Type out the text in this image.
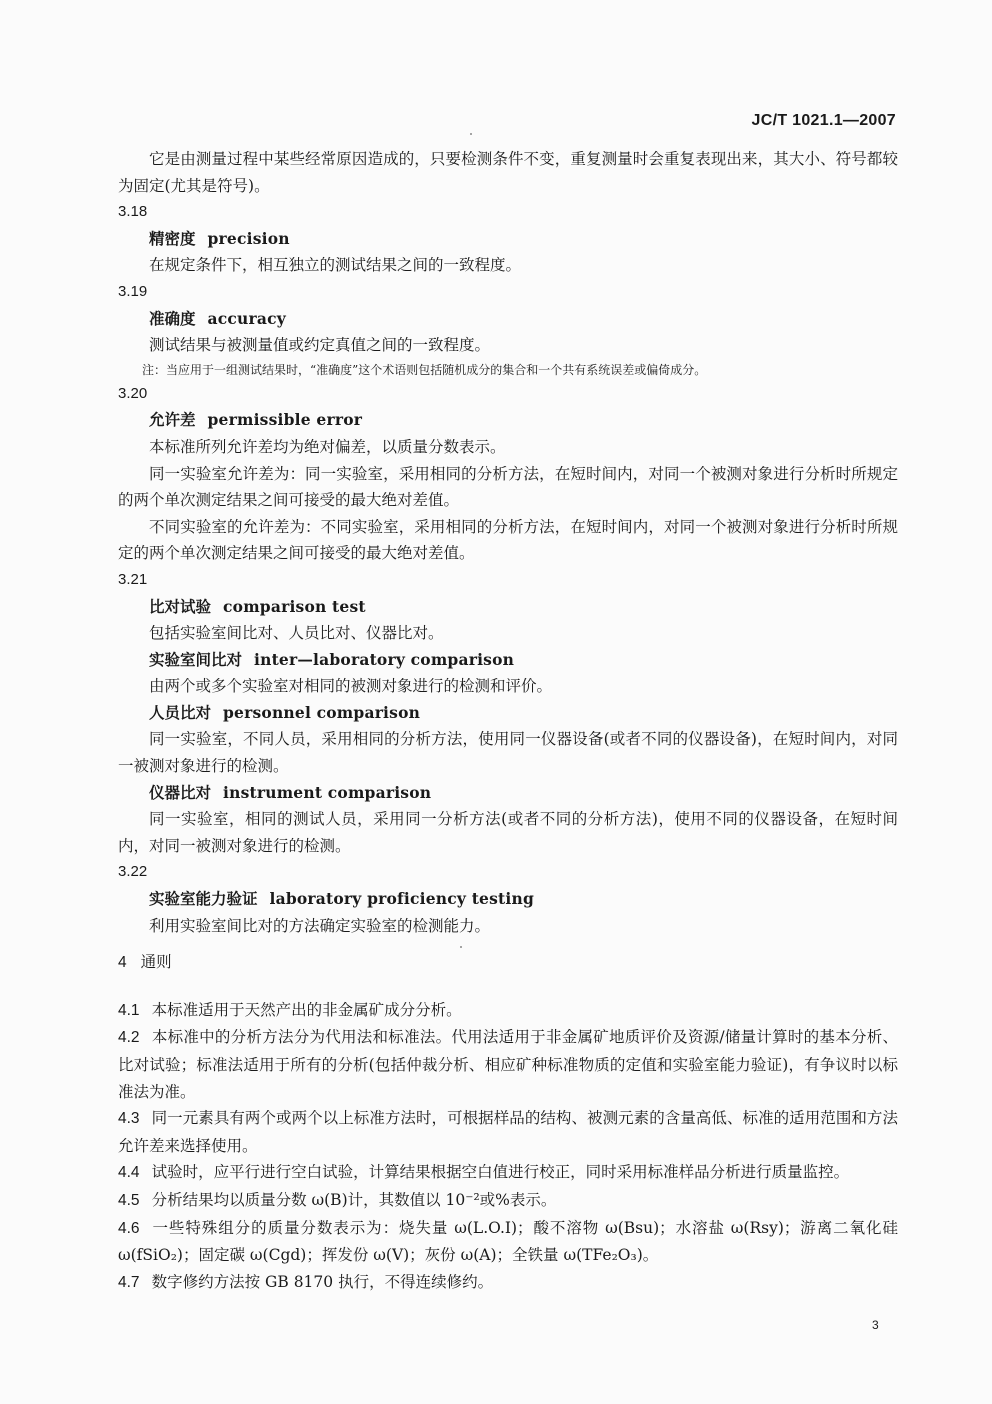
JC/T 1021.1—2007

它是由测量过程中某些经常原因造成的，只要检测条件不变，重复测量时会重复表现出来，其大小、符号都较为固定(尤其是符号)。

3.18

精密度 precision

在规定条件下，相互独立的测试结果之间的一致程度。

3.19

准确度 accuracy

测试结果与被测量值或约定真值之间的一致程度。

注：当应用于一组测试结果时，“准确度”这个术语则包括随机成分的集合和一个共有系统误差或偏倚成分。

3.20

允许差 permissible error

本标准所列允许差均为绝对偏差，以质量分数表示。

同一实验室允许差为：同一实验室，采用相同的分析方法，在短时间内，对同一个被测对象进行分析时所规定的两个单次测定结果之间可接受的最大绝对差值。

不同实验室的允许差为：不同实验室，采用相同的分析方法，在短时间内，对同一个被测对象进行分析时所规定的两个单次测定结果之间可接受的最大绝对差值。

3.21

比对试验 comparison test

包括实验室间比对、人员比对、仪器比对。

实验室间比对 inter—laboratory comparison

由两个或多个实验室对相同的被测对象进行的检测和评价。

人员比对 personnel comparison

同一实验室，不同人员，采用相同的分析方法，使用同一仪器设备(或者不同的仪器设备)，在短时间内，对同一被测对象进行的检测。

仪器比对 instrument comparison

同一实验室，相同的测试人员，采用同一分析方法(或者不同的分析方法)，使用不同的仪器设备，在短时间内，对同一被测对象进行的检测。

3.22

实验室能力验证 laboratory proficiency testing

利用实验室间比对的方法确定实验室的检测能力。

4 通则

4.1 本标准适用于天然产出的非金属矿成分分析。

4.2 本标准中的分析方法分为代用法和标准法。代用法适用于非金属矿地质评价及资源/储量计算时的基本分析、比对试验；标准法适用于所有的分析(包括仲裁分析、相应矿种标准物质的定值和实验室能力验证)，有争议时以标准法为准。

4.3 同一元素具有两个或两个以上标准方法时，可根据样品的结构、被测元素的含量高低、标准的适用范围和方法允许差来选择使用。

4.4 试验时，应平行进行空白试验，计算结果根据空白值进行校正，同时采用标准样品分析进行质量监控。

4.5 分析结果均以质量分数 ω(B)计，其数值以 10⁻²或%表示。

4.6 一些特殊组分的质量分数表示为：烧失量 ω(L.O.I)；酸不溶物 ω(Bsu)；水溶盐 ω(Rsy)；游离二氧化硅 ω(fSiO₂)；固定碳 ω(Cgd)；挥发份 ω(V)；灰份 ω(A)；全铁量 ω(TFe₂O₃)。

4.7 数字修约方法按 GB 8170 执行，不得连续修约。

3
